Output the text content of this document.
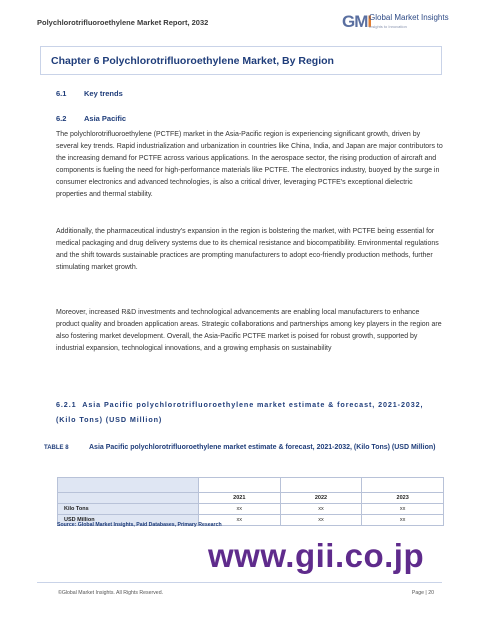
Polychlorotrifluoroethylene Market Report, 2032	GMI
Global Market Insights
Insights to Innovation
Chapter 6 Polychlorotrifluoroethylene Market, By Region
6.1 Key trends
6.2 Asia Pacific

The polychlorotrifluoroethylene (PCTFE) market in the Asia-Pacific region is experiencing significant growth, driven by several key trends. Rapid industrialization and urbanization in countries like China, India, and Japan are major contributors to the increasing demand for PCTFE across various applications. In the aerospace sector, the rising production of aircraft and components is fueling the need for high-performance materials like PCTFE. The electronics industry, buoyed by the surge in consumer electronics and advanced technologies, is also a critical driver, leveraging PCTFE's exceptional dielectric properties and thermal stability.

Additionally, the pharmaceutical industry's expansion in the region is bolstering the market, with PCTFE being essential for medical packaging and drug delivery systems due to its chemical resistance and biocompatibility. Environmental regulations and the shift towards sustainable practices are prompting manufacturers to adopt eco-friendly production methods, further stimulating market growth.

Moreover, increased R&D investments and technological advancements are enabling local manufacturers to enhance product quality and broaden application areas. Strategic collaborations and partnerships among key players in the region are also fostering market development. Overall, the Asia-Pacific PCTFE market is poised for robust growth, supported by industrial expansion, technological innovations, and a growing emphasis on sustainability

6.2.1 Asia Pacific polychlorotrifluoroethylene market estimate & forecast, 2021-2032, (Kilo Tons) (USD Million)
TABLE 8	Asia Pacific polychlorotrifluoroethylene market estimate & forecast, 2021-2032, (Kilo Tons) (USD Million)

	2021	2022	2023
Kilo Tons	xx	xx	xx
USD Million	xx	xx	xx
Source: Global Market Insights, Paid Databases, Primary Research
www.gii.co.jp
©Global Market Insights. All Rights Reserved.	Page | 20
